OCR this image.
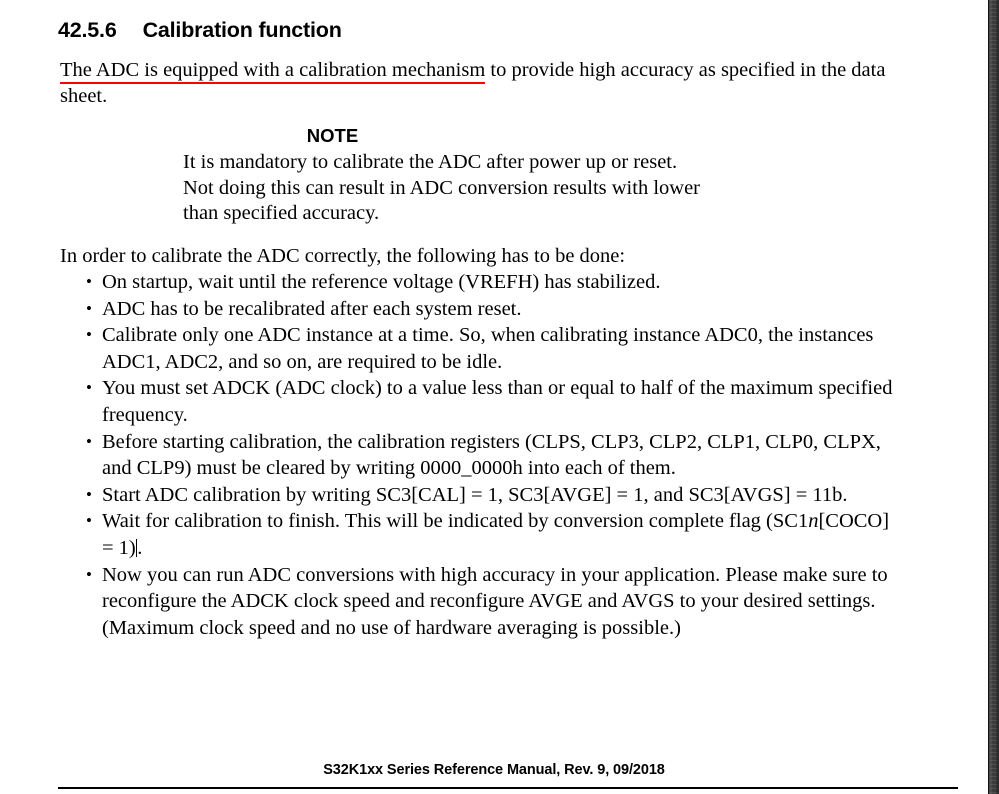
42.5.6 Calibration function

The ADC is equipped with a calibration mechanism to provide high accuracy as specified in the data sheet.

NOTE
It is mandatory to calibrate the ADC after power up or reset.
Not doing this can result in ADC conversion results with lower
than specified accuracy.

In order to calibrate the ADC correctly, the following has to be done:

• On startup, wait until the reference voltage (VREFH) has stabilized.
• ADC has to be recalibrated after each system reset.
• Calibrate only one ADC instance at a time. So, when calibrating instance ADC0, the instances ADC1, ADC2, and so on, are required to be idle.
• You must set ADCK (ADC clock) to a value less than or equal to half of the maximum specified frequency.
• Before starting calibration, the calibration registers (CLPS, CLP3, CLP2, CLP1, CLP0, CLPX, and CLP9) must be cleared by writing 0000_0000h into each of them.
• Start ADC calibration by writing SC3[CAL] = 1, SC3[AVGE] = 1, and SC3[AVGS] = 11b.
• Wait for calibration to finish. This will be indicated by conversion complete flag (SC1n[COCO] = 1).
• Now you can run ADC conversions with high accuracy in your application. Please make sure to reconfigure the ADCK clock speed and reconfigure AVGE and AVGS to your desired settings. (Maximum clock speed and no use of hardware averaging is possible.)
S32K1xx Series Reference Manual, Rev. 9, 09/2018
